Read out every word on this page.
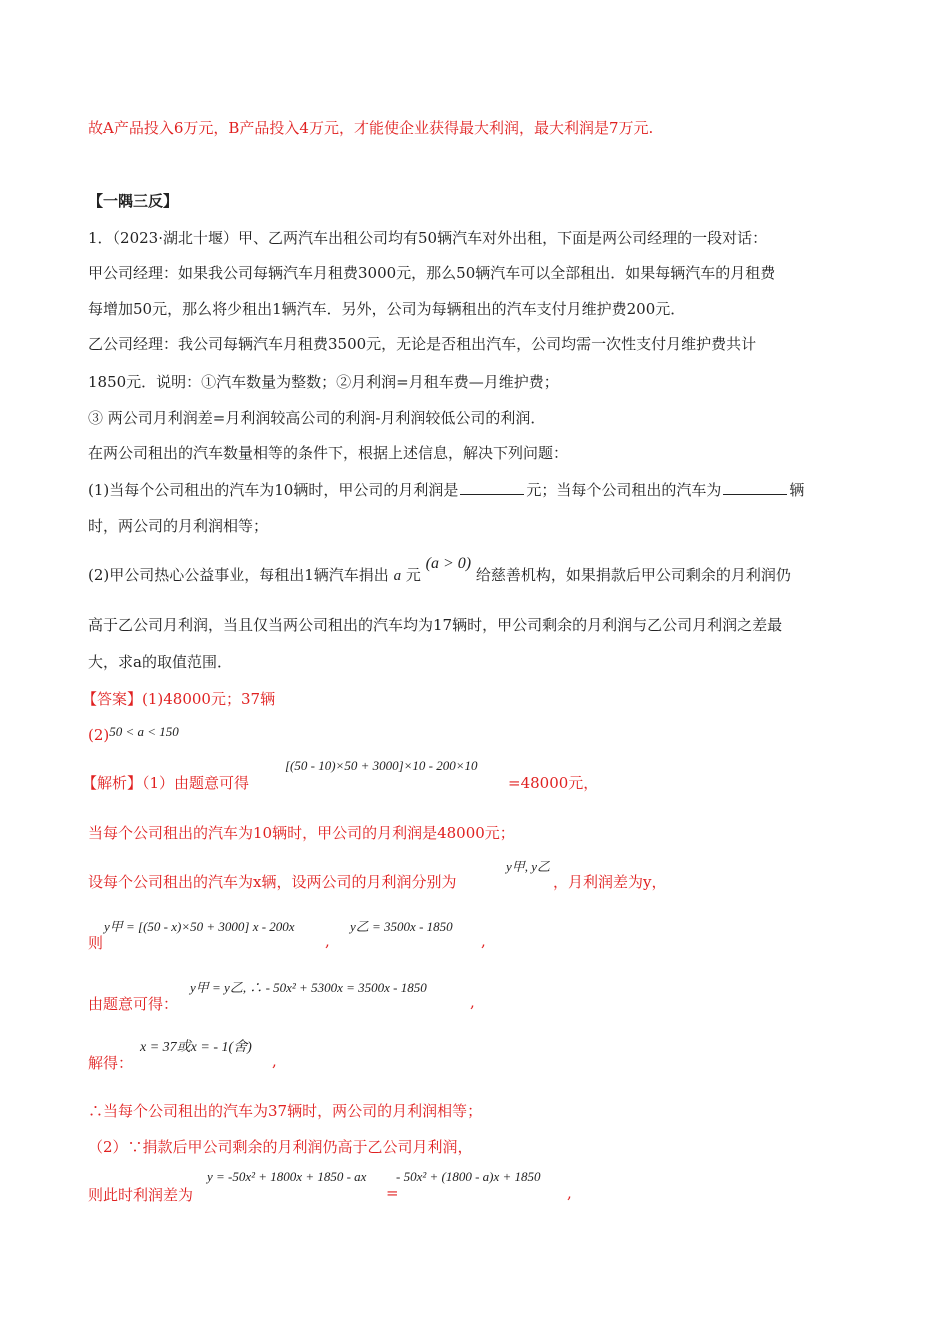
故A产品投入6万元，B产品投入4万元，才能使企业获得最大利润，最大利润是7万元.
【一隅三反】
1．（2023·湖北十堰）甲、乙两汽车出租公司均有50辆汽车对外出租，下面是两公司经理的一段对话：
甲公司经理：如果我公司每辆汽车月租费3000元，那么50辆汽车可以全部租出．如果每辆汽车的月租费
每增加50元，那么将少租出1辆汽车．另外，公司为每辆租出的汽车支付月维护费200元．
乙公司经理：我公司每辆汽车月租费3500元，无论是否租出汽车，公司均需一次性支付月维护费共计
1850元．说明：①汽车数量为整数；②月利润=月租车费—月维护费；
③ 两公司月利润差=月利润较高公司的利润-月利润较低公司的利润．
在两公司租出的汽车数量相等的条件下，根据上述信息，解决下列问题：
(1)当每个公司租出的汽车为10辆时，甲公司的月利润是	元；当每个公司租出的汽车为	辆
时，两公司的月利润相等；
(2)甲公司热心公益事业，每租出1辆汽车捐出 a 元 (a > 0) 给慈善机构，如果捐款后甲公司剩余的月利润仍
高于乙公司月利润，当且仅当两公司租出的汽车均为17辆时，甲公司剩余的月利润与乙公司月利润之差最
大，求a的取值范围．
【答案】(1)48000元；37辆
(2)50 < a < 150
【解析】（1）由题意可得
[(50 - 10)×50 + 3000]×10 - 200×10
=48000元，
当每个公司租出的汽车为10辆时，甲公司的月利润是48000元；
设每个公司租出的汽车为x辆，设两公司的月利润分别为
y甲, y乙
，月利润差为y，
则
y甲 = [(50 - x)×50 + 3000] x - 200x
,
y乙 = 3500x - 1850
,
由题意可得：
y甲 = y乙, ∴ - 50x² + 5300x = 3500x - 1850
,
解得：
x = 37或x = - 1(舍)
,
∴当每个公司租出的汽车为37辆时，两公司的月利润相等；
（2）∵捐款后甲公司剩余的月利润仍高于乙公司月利润，
则此时利润差为
y = -50x² + 1800x + 1850 - ax
=
- 50x² + (1800 - a)x + 1850
,
